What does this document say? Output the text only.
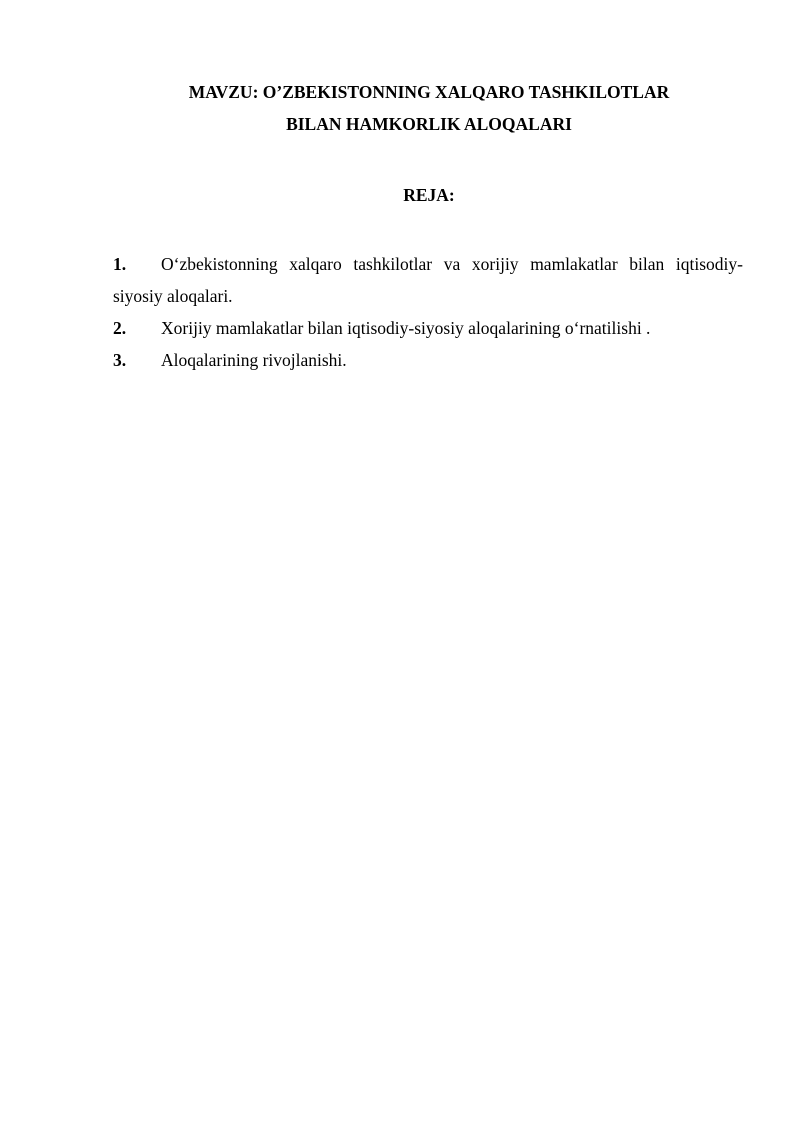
MAVZU: O’ZBEKISTONNING XALQARO TASHKILOTLAR
BILAN HAMKORLIK ALOQALARI
REJA:
1. O‘zbekistonning xalqaro tashkilotlar va xorijiy mamlakatlar bilan iqtisodiy-
siyosiy aloqalari.
2. Xorijiy mamlakatlar bilan iqtisodiy-siyosiy aloqalarining o‘rnatilishi .
3. Aloqalarining rivojlanishi.
